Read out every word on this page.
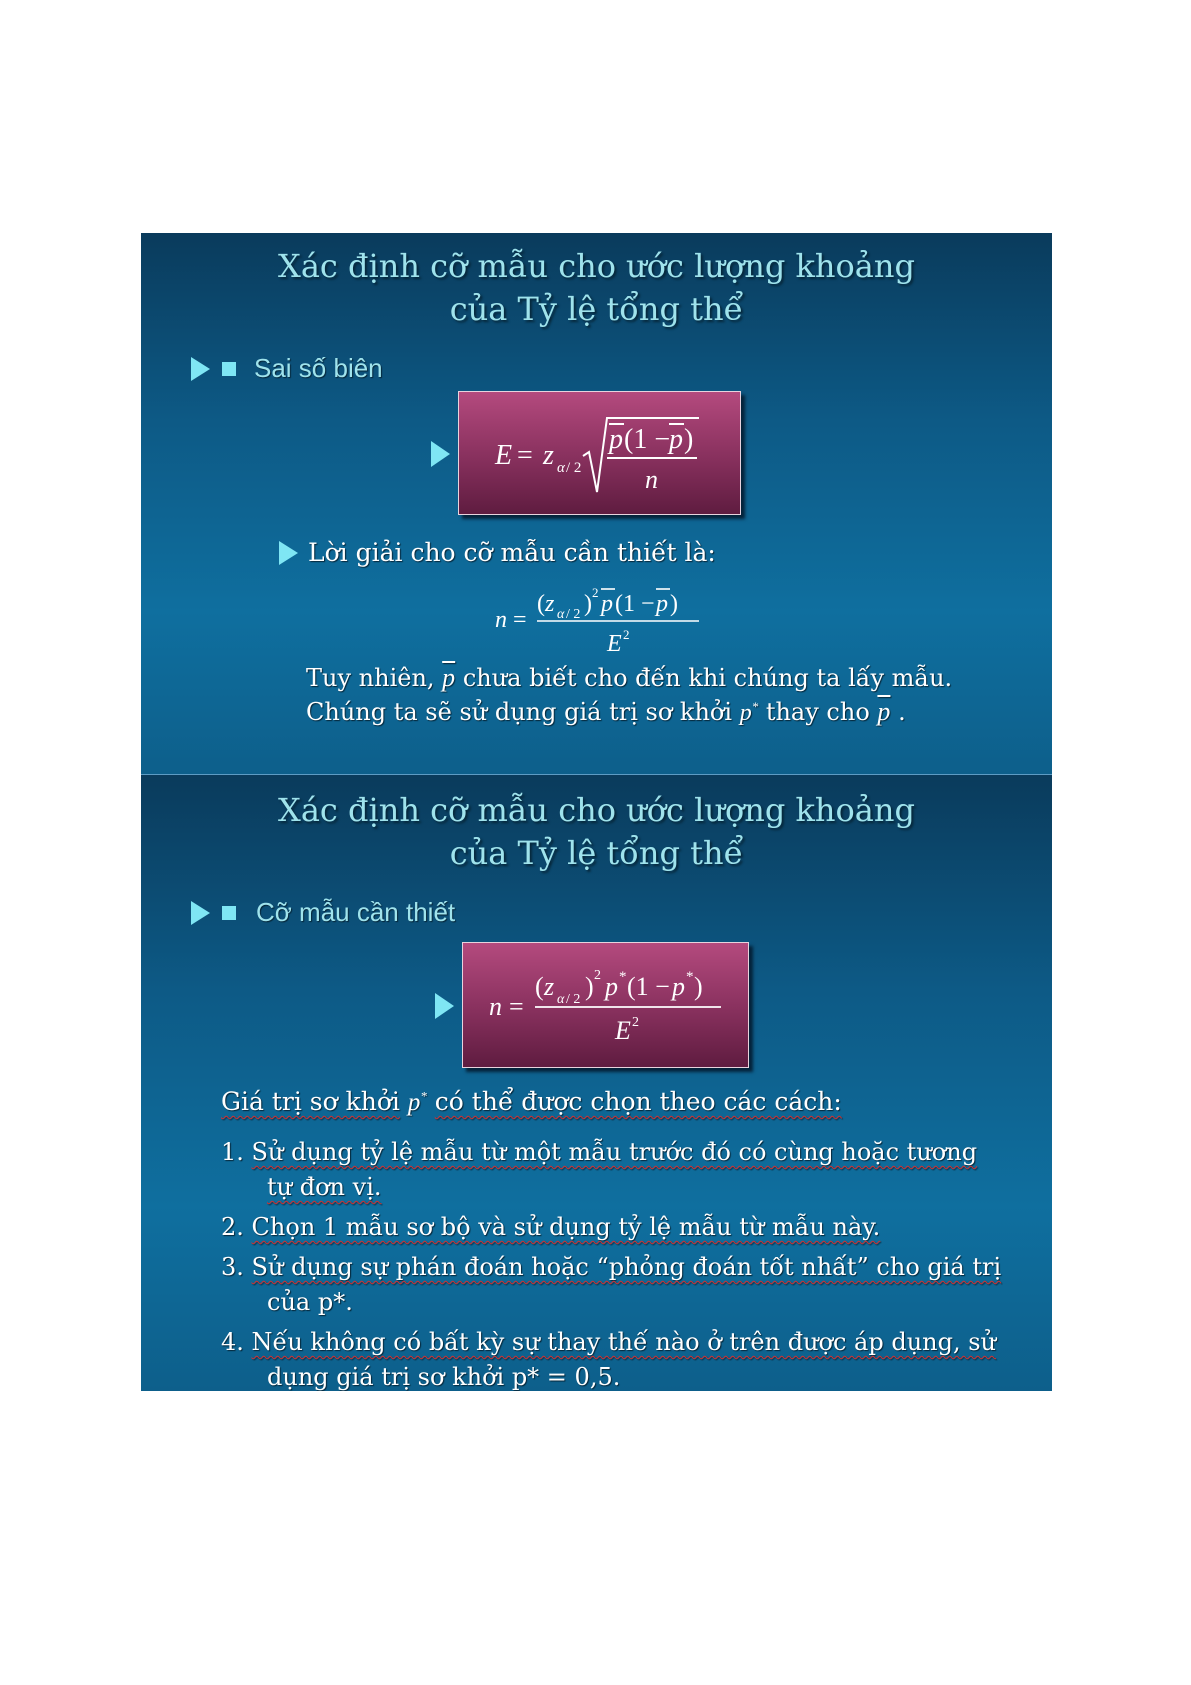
Xác định cỡ mẫu cho ước lượng khoảng
của Tỷ lệ tổng thể
Sai số biên
E = z α / 2
p (1 −
p )
n
Lời giải cho cỡ mẫu cần thiết là:
n =
( z α / 2 ) 2 p (1 − p )
E 2
Tuy nhiên, $\overline{p}$ chưa biết cho đến khi chúng ta lấy mẫu.
Chúng ta sẽ sử dụng giá trị sơ khởi p* thay cho $\overline{p}$ .
Xác định cỡ mẫu cho ước lượng khoảng
của Tỷ lệ tổng thể
Cỡ mẫu cần thiết
n =
( z α / 2 ) 2 p * (1 − p * )
E 2
Giá trị sơ khởi p* có thể được chọn theo các cách:
1. Sử dụng tỷ lệ mẫu từ một mẫu trước đó có cùng hoặc tương
tự đơn vị.
2. Chọn 1 mẫu sơ bộ và sử dụng tỷ lệ mẫu từ mẫu này.
3. Sử dụng sự phán đoán hoặc “phỏng đoán tốt nhất” cho giá trị
của p*.
4. Nếu không có bất kỳ sự thay thế nào ở trên được áp dụng, sử
dụng giá trị sơ khởi p* = 0,5.
